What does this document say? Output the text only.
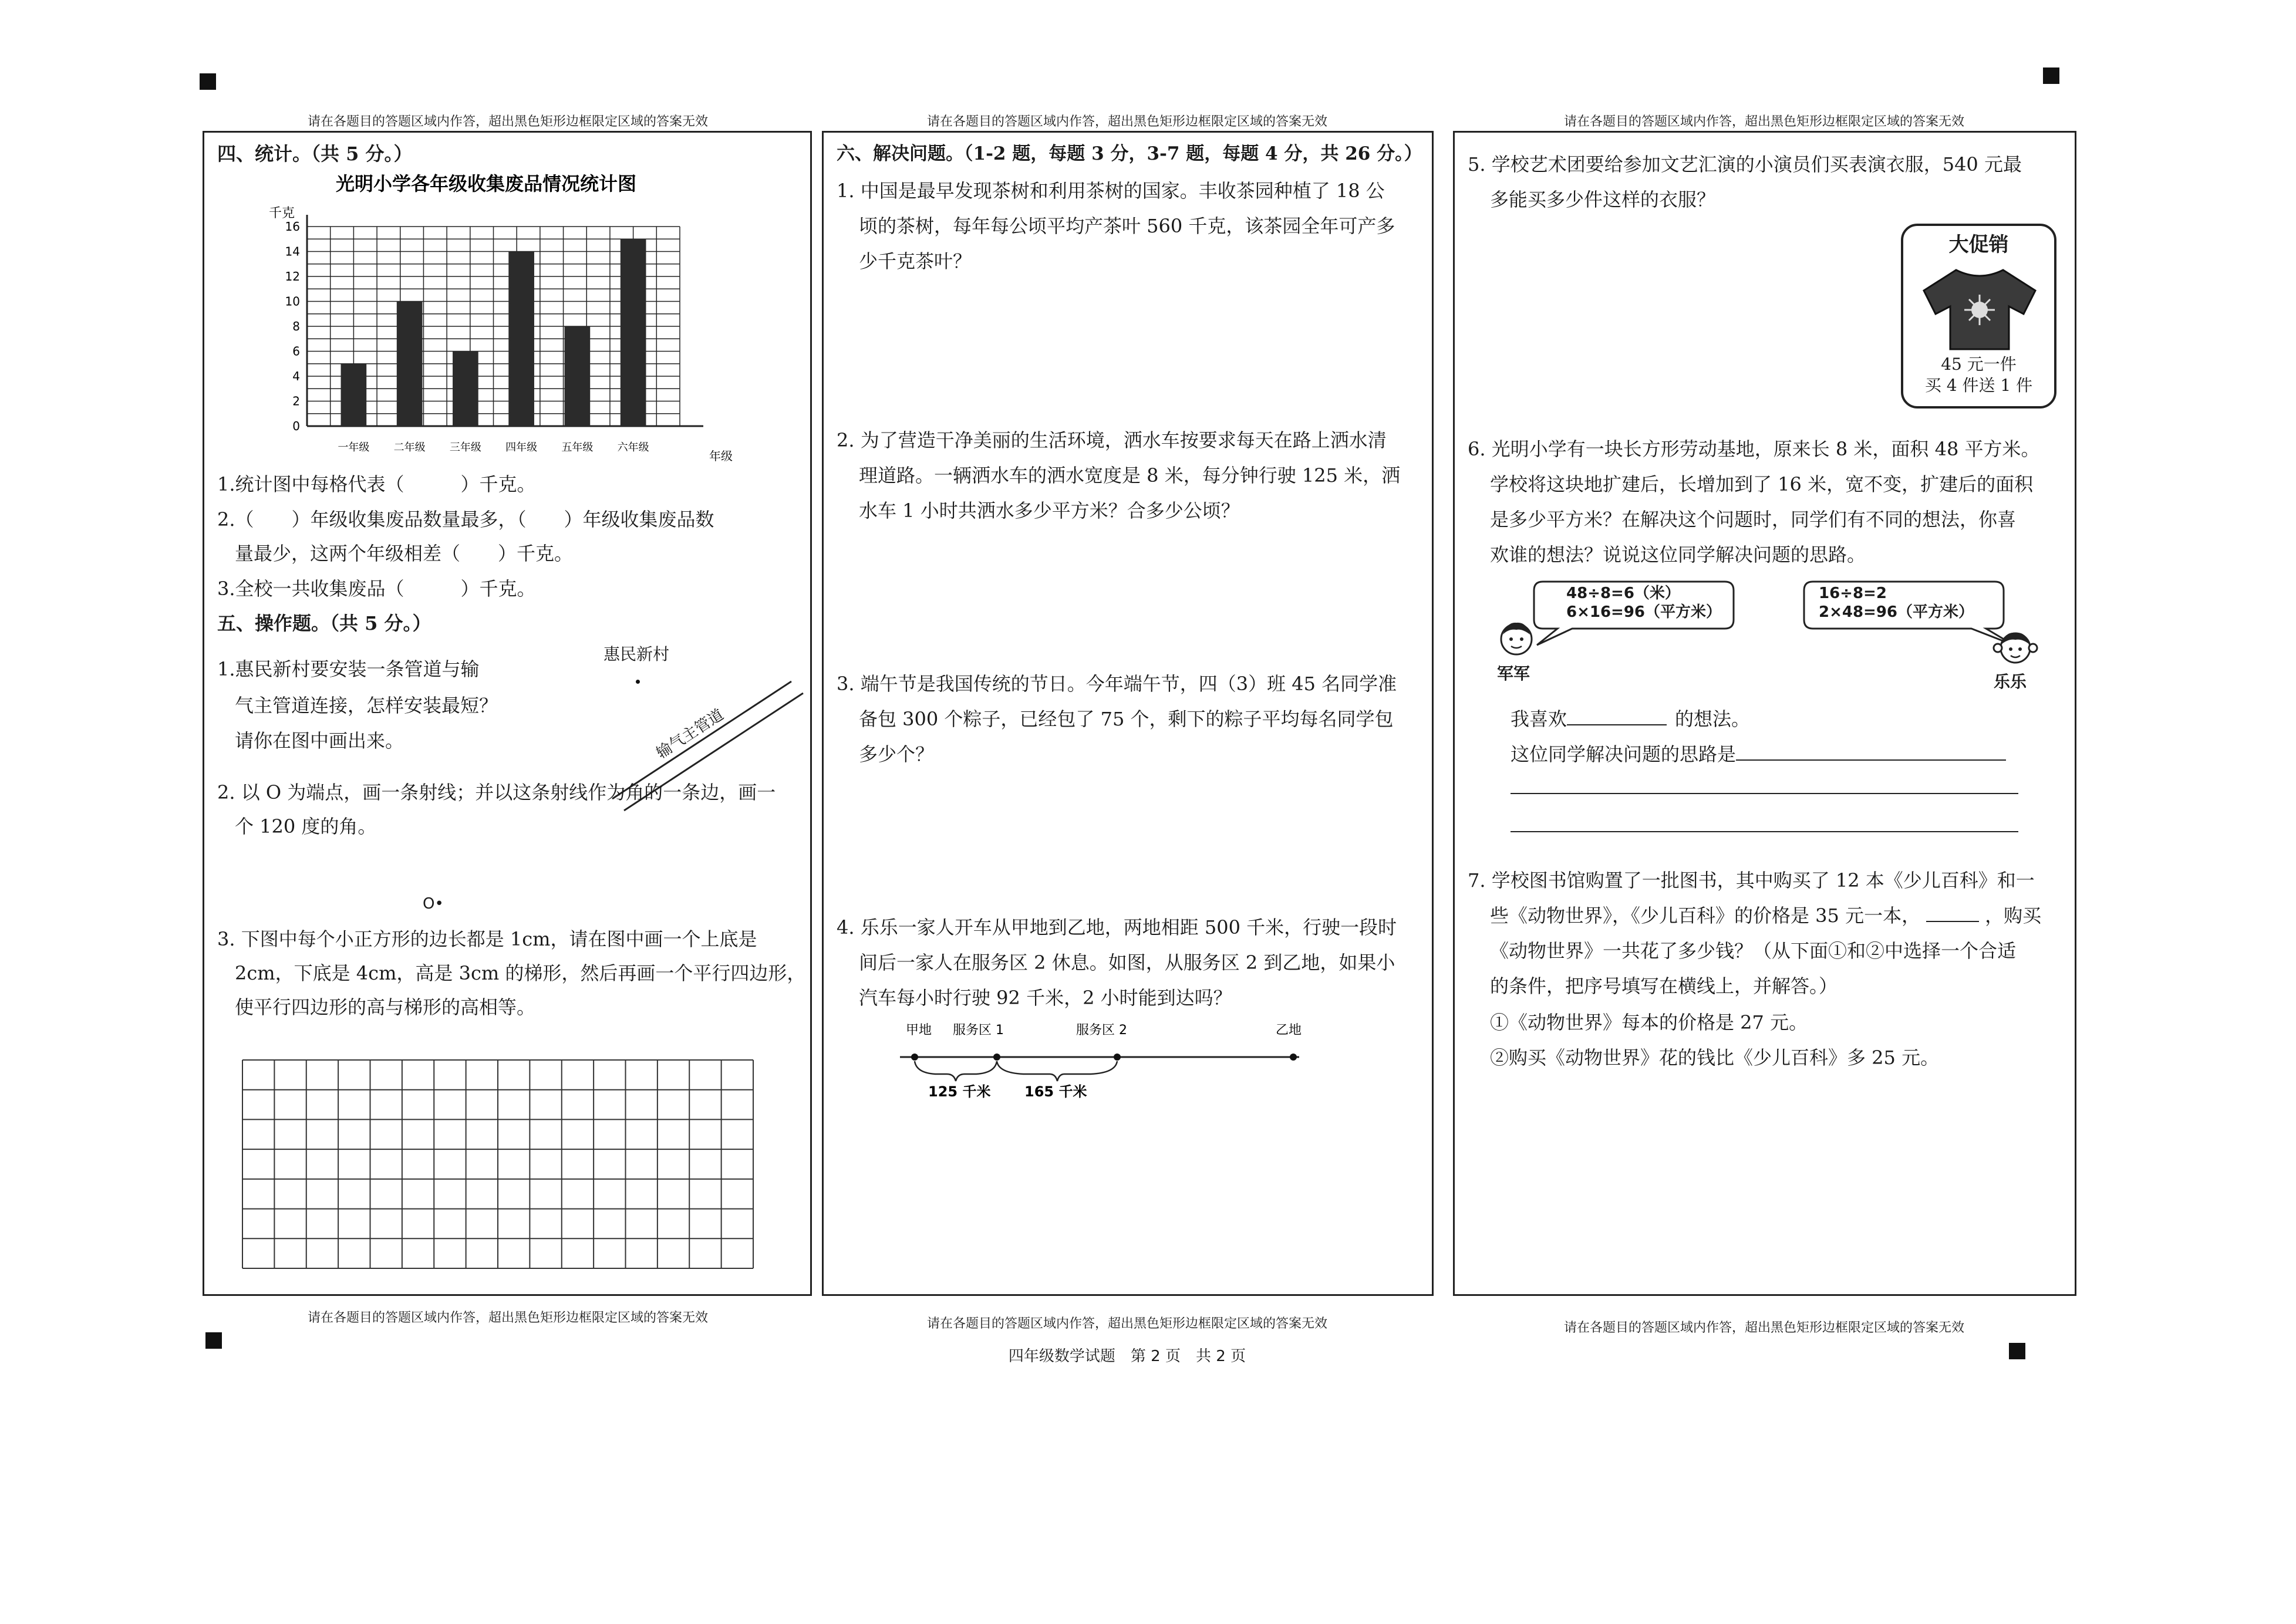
请在各题目的答题区域内作答，超出黑色矩形边框限定区域的答案无效	请在各题目的答题区域内作答，超出黑色矩形边框限定区域的答案无效	请在各题目的答题区域内作答，超出黑色矩形边框限定区域的答案无效
请在各题目的答题区域内作答，超出黑色矩形边框限定区域的答案无效	请在各题目的答题区域内作答，超出黑色矩形边框限定区域的答案无效	请在各题目的答题区域内作答，超出黑色矩形边框限定区域的答案无效
四年级数学试题　第 2 页　共 2 页
四、统计。（共 5 分。）
光明小学各年级收集废品情况统计图
千克
年级
0
2
4
6
8
10
12
14
16
一年级 二年级 三年级 四年级 五年级 六年级
1.统计图中每格代表（　　　）千克。
2.（　　）年级收集废品数量最多，（　　）年级收集废品数
量最少，这两个年级相差（　　）千克。
3.全校一共收集废品（　　　）千克。
五、操作题。（共 5 分。）
1.惠民新村要安装一条管道与输
气主管道连接，怎样安装最短？
请你在图中画出来。
惠民新村
输气主管道
2. 以 O 为端点，画一条射线；并以这条射线作为角的一条边，画一
个 120 度的角。
O•
3. 下图中每个小正方形的边长都是 1cm，请在图中画一个上底是
2cm，下底是 4cm，高是 3cm 的梯形，然后再画一个平行四边形，
使平行四边形的高与梯形的高相等。
六、解决问题。（1-2 题，每题 3 分，3-7 题，每题 4 分，共 26 分。）
1. 中国是最早发现茶树和利用茶树的国家。丰收茶园种植了 18 公
顷的茶树，每年每公顷平均产茶叶 560 千克，该茶园全年可产多
少千克茶叶？
2. 为了营造干净美丽的生活环境，洒水车按要求每天在路上洒水清
理道路。一辆洒水车的洒水宽度是 8 米，每分钟行驶 125 米，洒
水车 1 小时共洒水多少平方米？合多少公顷？
3. 端午节是我国传统的节日。今年端午节，四（3）班 45 名同学准
备包 300 个粽子，已经包了 75 个，剩下的粽子平均每名同学包
多少个？
4. 乐乐一家人开车从甲地到乙地，两地相距 500 千米，行驶一段时
间后一家人在服务区 2 休息。如图，从服务区 2 到乙地，如果小
汽车每小时行驶 92 千米，2 小时能到达吗？
甲地 服务区 1	服务区 2	乙地
125 千米 165 千米
5. 学校艺术团要给参加文艺汇演的小演员们买表演衣服，540 元最
多能买多少件这样的衣服？
大促销
45 元一件
买 4 件送 1 件
6. 光明小学有一块长方形劳动基地，原来长 8 米，面积 48 平方米。
学校将这块地扩建后，长增加到了 16 米，宽不变，扩建后的面积
是多少平方米？在解决这个问题时，同学们有不同的想法，你喜
欢谁的想法？说说这位同学解决问题的思路。
48÷8=6（米）
6×16=96（平方米）
16÷8=2
2×48=96（平方米）
军军	乐乐
我喜欢	的想法。
这位同学解决问题的思路是
7. 学校图书馆购置了一批图书，其中购买了 12 本《少儿百科》和一
些《动物世界》，《少儿百科》的价格是 35 元一本，	，购买
《动物世界》一共花了多少钱？（从下面①和②中选择一个合适
的条件，把序号填写在横线上，并解答。）
①《动物世界》每本的价格是 27 元。
②购买《动物世界》花的钱比《少儿百科》多 25 元。
